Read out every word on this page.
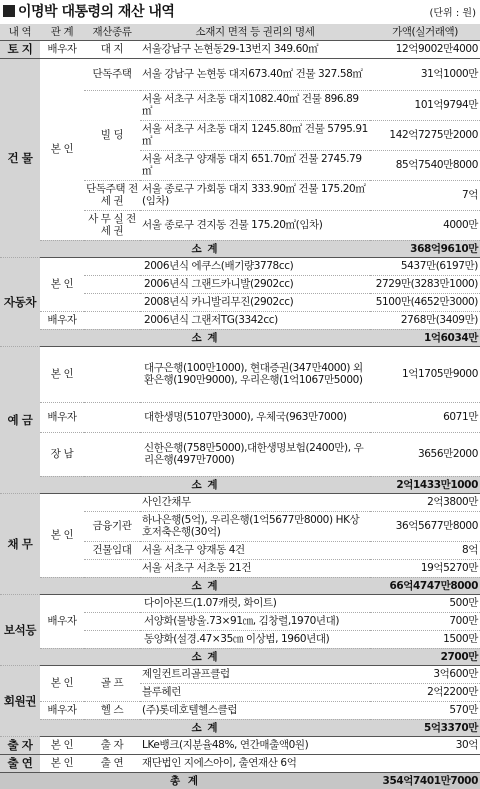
이명박 대통령의 재산 내역	(단위 : 원)
내 역	관 계	재산종류	소재지 면적 등 권리의 명세	가액(실거래액)
토 지	배우자	대 지	서울강남구 논현동29-13번지 349.60㎡	12억9002만4000
건 물	본 인	단독주택	서울 강남구 논현동 대지673.40㎡ 건물 327.58㎡	31억1000만
		빌 딩	서울 서초구 서초동 대지1082.40㎡ 건물 896.89㎡	101억9794만
			서울 서초구 서초동 대지 1245.80㎡ 건물 5795.91㎡	142억7275만2000
			서울 서초구 양재동 대지 651.70㎡ 건물 2745.79㎡	85억7540만8000
		단독주택 전 세 권	서울 종로구 가회동 대지 333.90㎡ 건물 175.20㎡(임차)	7억
		사 무 실 전 세 권	서울 종로구 견지동 건물 175.20㎡(임차)	4000만
	소 계			368억9610만
자동차	본 인	2006년식 에쿠스(배기량3778cc)		5437만(6197만)
		2006년식 그랜드카니발(2902cc)		2729만(3283만1000)
		2008년식 카니발리무진(2902cc)		5100만(4652만3000)
	배우자	2006년식 그랜저TG(3342cc)		2768만(3409만)
	소 계			1억6034만
예 금	본 인	대구은행(100만1000), 현대증권(347만4000) 외환은행(190만9000), 우리은행(1억1067만5000)		1억1705만9000
	배우자	대한생명(5107만3000), 우체국(963만7000)		6071만
	장 남	신한은행(758만5000),대한생명보험(2400만), 우리은행(497만7000)		3656만2000
	소 계			2억1433만1000
채 무	본 인		사인간채무	2억3800만
		금융기관	하나은행(5억), 우리은행(1억5677만8000) HK상호저축은행(30억)	36억5677만8000
		건물임대	서울 서초구 양재동 4건	8억
			서울 서초구 서초동 21건	19억5270만
	소 계			66억4747만8000
보석등	배우자	다이아몬드(1.07캐럿, 화이트)		500만
		서양화(물방울.73×91㎝, 김창렬,1970년대)		700만
		동양화(설경.47×35㎝ 이상범, 1960년대)		1500만
	소 계			2700만
회원권	본 인	골 프	제일컨트리골프클럽	3억600만
			블루헤런	2억2200만
	배우자	헬 스	(주)롯데호텔헬스클럽	570만
	소 계			5억3370만
출 자	본 인	출 자	LKe뱅크(지분율48%, 연간매출액0원)	30억
출 연	본 인	출 연	재단법인 지에스아이, 출연재산 6억	
총 계				354억7401만7000
